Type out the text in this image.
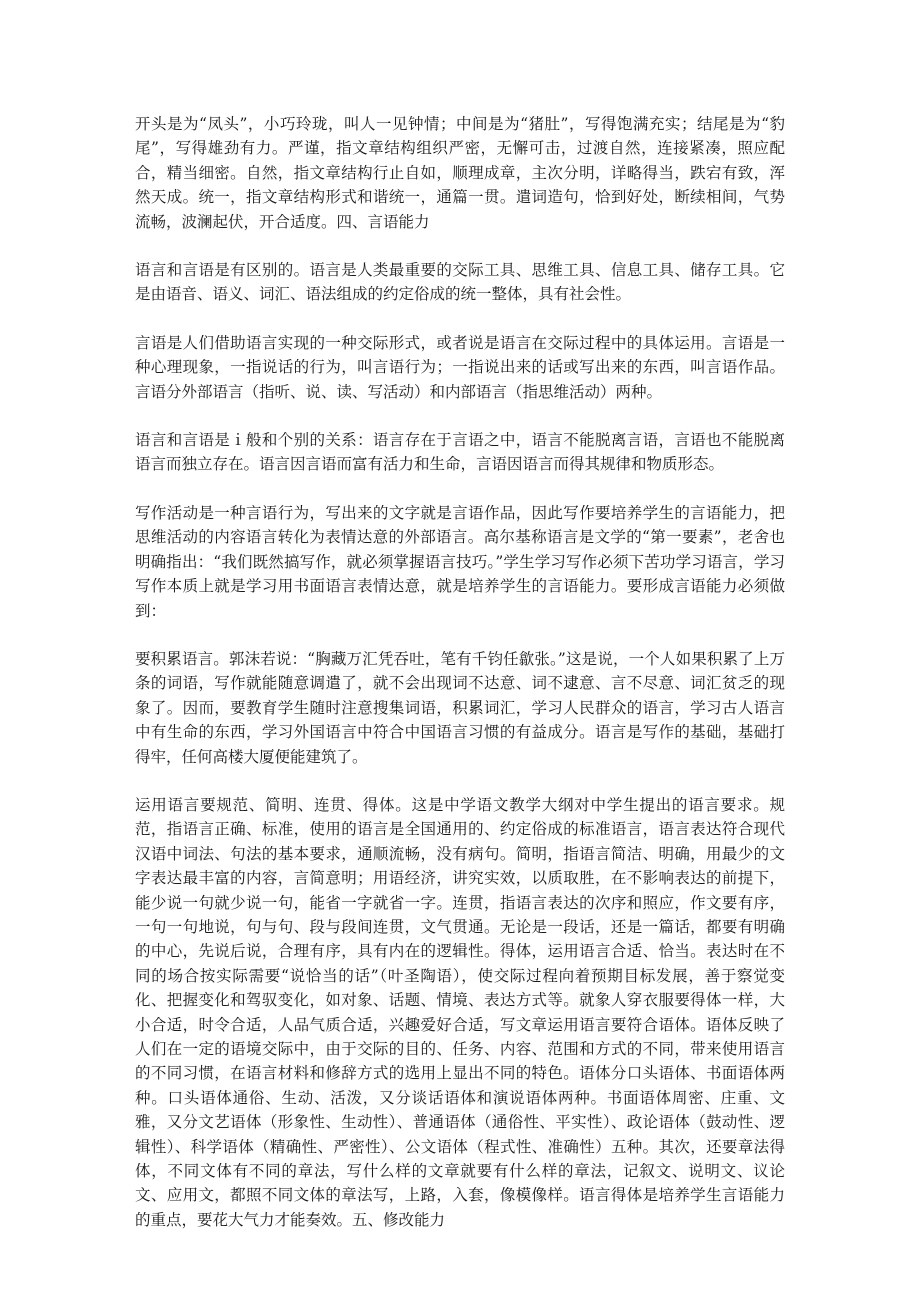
开头是为“凤头”，小巧玲珑，叫人一见钟情；中间是为“猪肚”，写得饱满充实；结尾是为“豹尾”，写得雄劲有力。严谨，指文章结构组织严密，无懈可击，过渡自然，连接紧凑，照应配合，精当细密。自然，指文章结构行止自如，顺理成章，主次分明，详略得当，跌宕有致，浑然天成。统一，指文章结构形式和谐统一，通篇一贯。遣词造句，恰到好处，断续相间，气势流畅，波澜起伏，开合适度。四、言语能力

语言和言语是有区别的。语言是人类最重要的交际工具、思维工具、信息工具、储存工具。它是由语音、语义、词汇、语法组成的约定俗成的统一整体，具有社会性。

言语是人们借助语言实现的一种交际形式，或者说是语言在交际过程中的具体运用。言语是一种心理现象，一指说话的行为，叫言语行为；一指说出来的话或写出来的东西，叫言语作品。言语分外部语言（指听、说、读、写活动）和内部语言（指思维活动）两种。

语言和言语是ｉ般和个别的关系：语言存在于言语之中，语言不能脱离言语，言语也不能脱离语言而独立存在。语言因言语而富有活力和生命，言语因语言而得其规律和物质形态。

写作活动是一种言语行为，写出来的文字就是言语作品，因此写作要培养学生的言语能力，把思维活动的内容语言转化为表情达意的外部语言。高尔基称语言是文学的“第一要素”，老舍也明确指出：“我们既然搞写作，就必须掌握语言技巧。”学生学习写作必须下苦功学习语言，学习写作本质上就是学习用书面语言表情达意，就是培养学生的言语能力。要形成言语能力必须做到：

要积累语言。郭沫若说：“胸藏万汇凭吞吐，笔有千钧任歙张。”这是说，一个人如果积累了上万条的词语，写作就能随意调遣了，就不会出现词不达意、词不逮意、言不尽意、词汇贫乏的现象了。因而，要教育学生随时注意搜集词语，积累词汇，学习人民群众的语言，学习古人语言中有生命的东西，学习外国语言中符合中国语言习惯的有益成分。语言是写作的基础，基础打得牢，任何高楼大厦便能建筑了。

运用语言要规范、简明、连贯、得体。这是中学语文教学大纲对中学生提出的语言要求。规范，指语言正确、标准，使用的语言是全国通用的、约定俗成的标准语言，语言表达符合现代汉语中词法、句法的基本要求，通顺流畅，没有病句。简明，指语言简洁、明确，用最少的文字表达最丰富的内容，言简意明；用语经济，讲究实效，以质取胜，在不影响表达的前提下，能少说一句就少说一句，能省一字就省一字。连贯，指语言表达的次序和照应，作文要有序，一句一句地说，句与句、段与段间连贯，文气贯通。无论是一段话，还是一篇话，都要有明确的中心，先说后说，合理有序，具有内在的逻辑性。得体，运用语言合适、恰当。表达时在不同的场合按实际需要“说恰当的话”（叶圣陶语），使交际过程向着预期目标发展，善于察觉变化、把握变化和驾驭变化，如对象、话题、情境、表达方式等。就象人穿衣服要得体一样，大小合适，时令合适，人品气质合适，兴趣爱好合适，写文章运用语言要符合语体。语体反映了人们在一定的语境交际中，由于交际的目的、任务、内容、范围和方式的不同，带来使用语言的不同习惯，在语言材料和修辞方式的选用上显出不同的特色。语体分口头语体、书面语体两种。口头语体通俗、生动、活泼，又分谈话语体和演说语体两种。书面语体周密、庄重、文雅，又分文艺语体（形象性、生动性）、普通语体（通俗性、平实性）、政论语体（鼓动性、逻辑性）、科学语体（精确性、严密性）、公文语体（程式性、准确性）五种。其次，还要章法得体，不同文体有不同的章法，写什么样的文章就要有什么样的章法，记叙文、说明文、议论文、应用文，都照不同文体的章法写，上路，入套，像模像样。语言得体是培养学生言语能力的重点，要花大气力才能奏效。五、修改能力
